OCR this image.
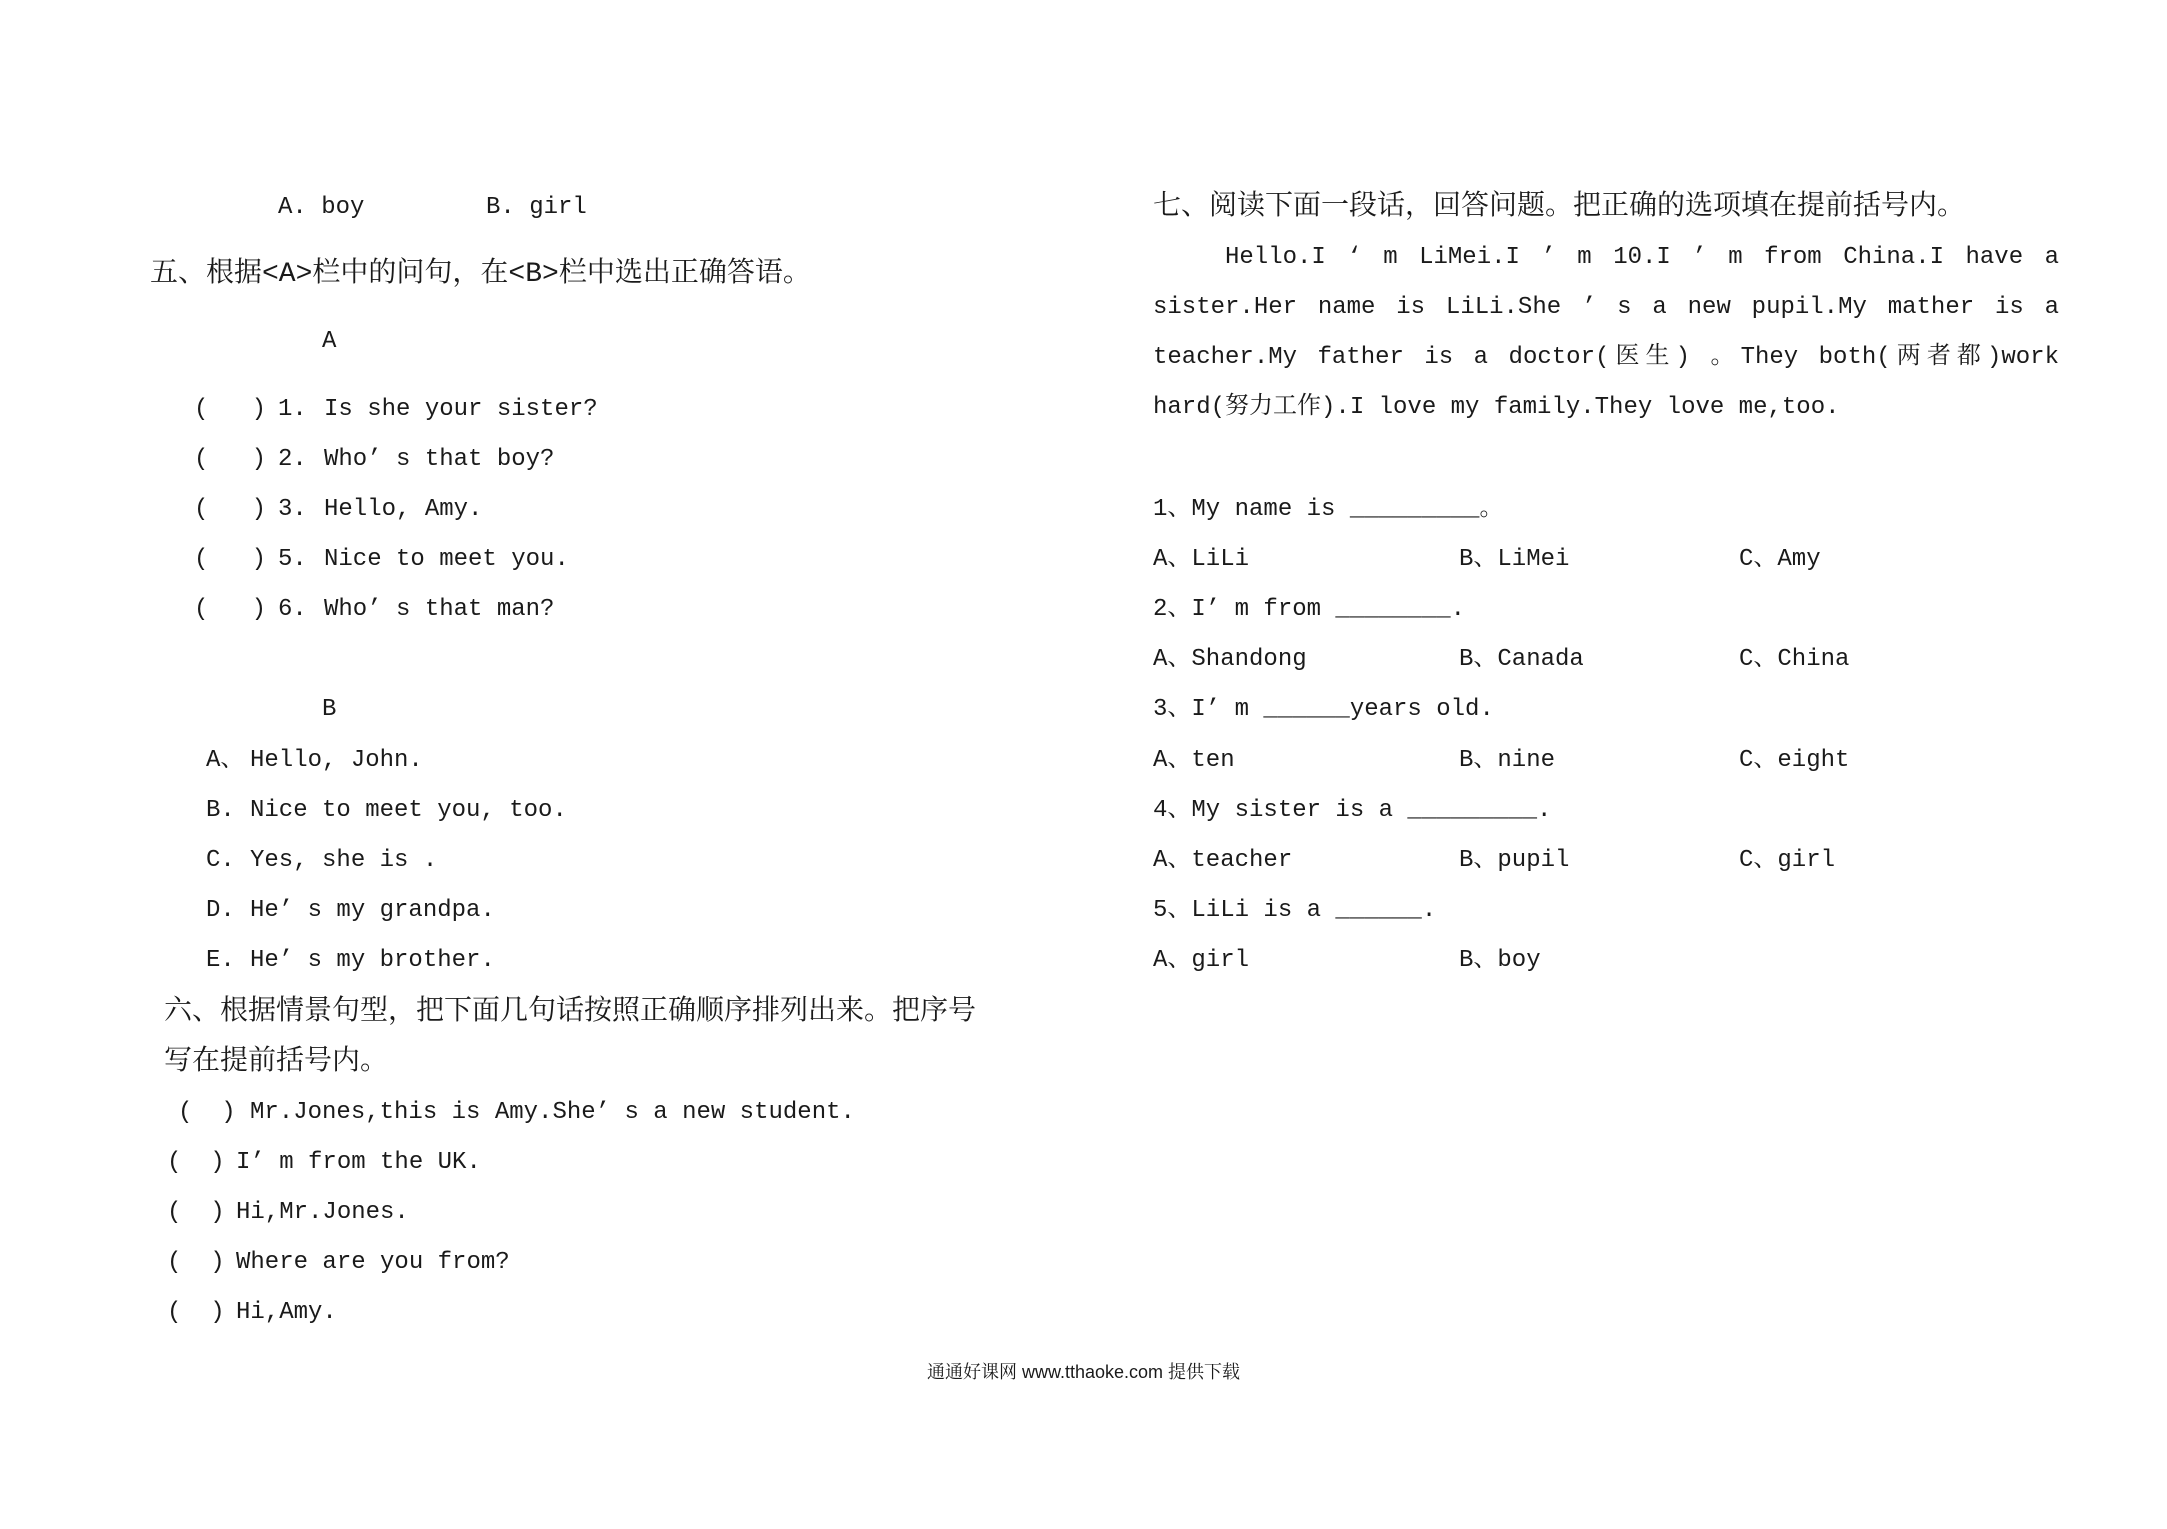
A. boy	B. girl
五、根据<A>栏中的问句，在<B>栏中选出正确答语。
A
(   ) 1. Is she your sister?
(   ) 2. Who’ s that boy?
(   ) 3. Hello, Amy.
(   ) 5. Nice to meet you.
(   ) 6. Who’ s that man?
B
A、 Hello, John.
B. Nice to meet you, too.
C. Yes, she is .
D. He’ s my grandpa.
E. He’ s my brother.
六、根据情景句型，把下面几句话按照正确顺序排列出来。把序号
写在提前括号内。
(  ) Mr.Jones,this is Amy.She’ s a new student.
(  ) I’ m from the UK.
(  ) Hi,Mr.Jones.
(  ) Where are you from?
(  ) Hi,Amy.
七、阅读下面一段话，回答问题。把正确的选项填在提前括号内。
Hello.I ‘ m LiMei.I ’ m 10.I ’ m from China.I have a
sister.Her name is LiLi.She ’ s a new pupil.My mather is a
teacher.My father is a doctor(医生) 。They both(两者都)work
hard(努力工作).I love my family.They love me,too.
1、My name is _________。
A、LiLi	B、LiMei	C、Amy
2、I’ m from ________.
A、Shandong	B、Canada	C、China
3、I’ m ______years old.
A、ten	B、nine	C、eight
4、My sister is a _________.
A、teacher	B、pupil	C、girl
5、LiLi is a ______.
A、girl	B、boy
通通好课网 www.tthaoke.com 提供下载
